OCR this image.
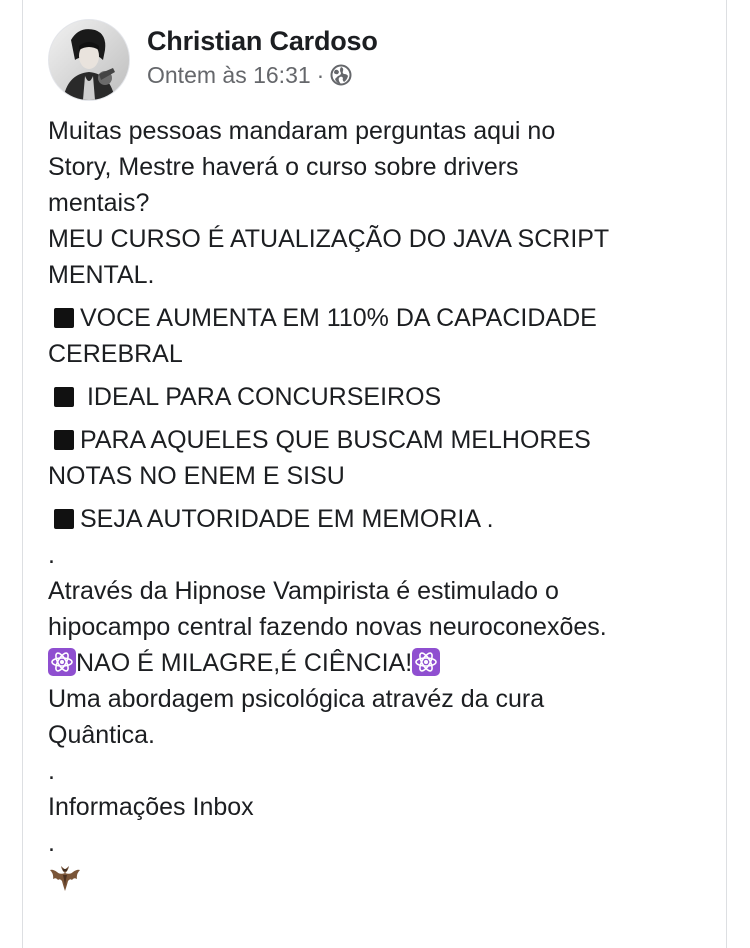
Christian Cardoso
Ontem às 16:31 ·
Muitas pessoas mandaram perguntas aqui no
Story, Mestre haverá o curso sobre drivers
mentais?
MEU CURSO É ATUALIZAÇÃO DO JAVA SCRIPT
MENTAL.
VOCE AUMENTA EM 110% DA CAPACIDADE
CEREBRAL
IDEAL PARA CONCURSEIROS
PARA AQUELES QUE BUSCAM MELHORES
NOTAS NO ENEM E SISU
SEJA AUTORIDADE EM MEMORIA .
.
Através da Hipnose Vampirista é estimulado o
hipocampo central fazendo novas neuroconexões.
NAO É MILAGRE,É CIÊNCIA!
Uma abordagem psicológica atravéz da cura
Quântica.
.
Informações Inbox
.
